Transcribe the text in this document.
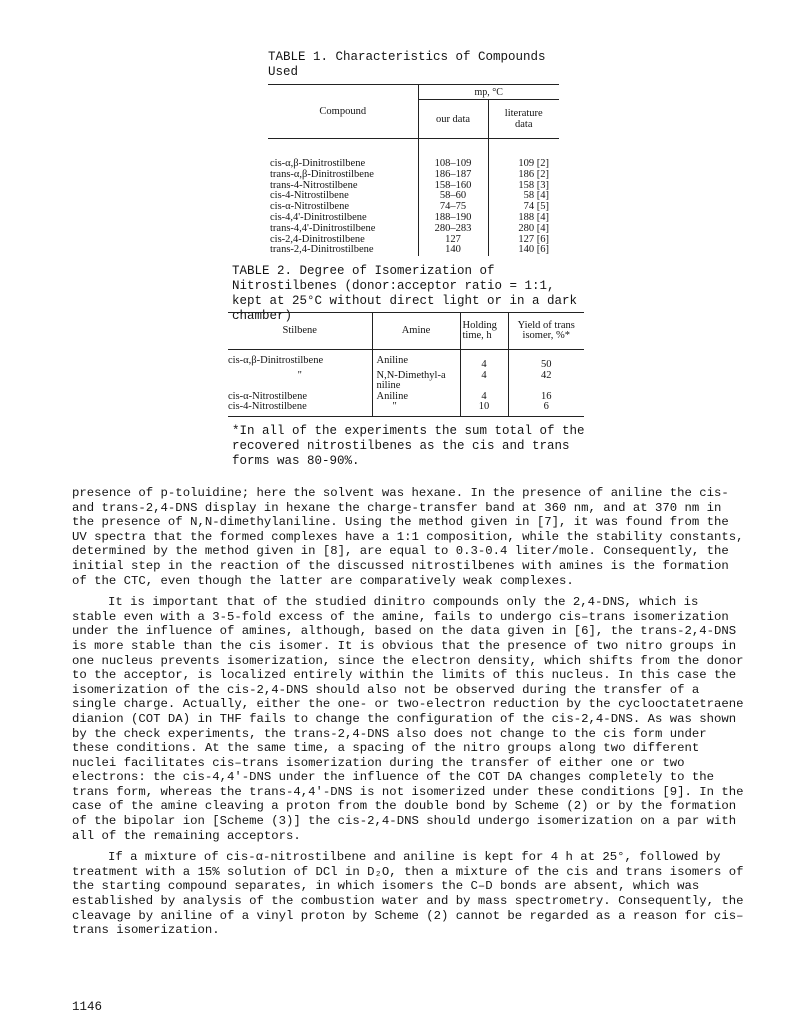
TABLE 1. Characteristics of Compounds Used

Compound	mp, °C	
	our data	literature data

cis-α,β-Dinitrostilbene	108–109	109 [2]
trans-α,β-Dinitrostilbene	186–187	186 [2]
trans-4-Nitrostilbene	158–160	158 [3]
cis-4-Nitrostilbene	58–60	58 [4]
cis-α-Nitrostilbene	74–75	74 [5]
cis-4,4'-Dinitrostilbene	188–190	188 [4]
trans-4,4'-Dinitrostilbene	280–283	280 [4]
cis-2,4-Dinitrostilbene	127	127 [6]
trans-2,4-Dinitrostilbene	140	140 [6]

TABLE 2. Degree of Isomerization of Nitrostilbenes (donor:acceptor ratio = 1:1, kept at 25°C without direct light or in a dark chamber)

Stilbene	Amine	Holding time, h	Yield of trans isomer, %*

cis-α,β-Dinitrostilbene	Aniline	4	50
"	N,N-Dimethyl-aniline	4	42
cis-α-Nitrostilbene	Aniline	4	16
cis-4-Nitrostilbene	"	10	6

*In all of the experiments the sum total of the recovered nitrostilbenes as the cis and trans forms was 80-90%.

presence of p-toluidine; here the solvent was hexane. In the presence of aniline the cis- and trans-2,4-DNS display in hexane the charge-transfer band at 360 nm, and at 370 nm in the presence of N,N-dimethylaniline. Using the method given in [7], it was found from the UV spectra that the formed complexes have a 1:1 composition, while the stability constants, determined by the method given in [8], are equal to 0.3-0.4 liter/mole. Consequently, the initial step in the reaction of the discussed nitrostilbenes with amines is the formation of the CTC, even though the latter are comparatively weak complexes.

It is important that of the studied dinitro compounds only the 2,4-DNS, which is stable even with a 3-5-fold excess of the amine, fails to undergo cis–trans isomerization under the influence of amines, although, based on the data given in [6], the trans-2,4-DNS is more stable than the cis isomer. It is obvious that the presence of two nitro groups in one nucleus prevents isomerization, since the electron density, which shifts from the donor to the acceptor, is localized entirely within the limits of this nucleus. In this case the isomerization of the cis-2,4-DNS should also not be observed during the transfer of a single charge. Actually, either the one- or two-electron reduction by the cyclooctatetraene dianion (COT DA) in THF fails to change the configuration of the cis-2,4-DNS. As was shown by the check experiments, the trans-2,4-DNS also does not change to the cis form under these conditions. At the same time, a spacing of the nitro groups along two different nuclei facilitates cis–trans isomerization during the transfer of either one or two electrons: the cis-4,4'-DNS under the influence of the COT DA changes completely to the trans form, whereas the trans-4,4'-DNS is not isomerized under these conditions [9]. In the case of the amine cleaving a proton from the double bond by Scheme (2) or by the formation of the bipolar ion [Scheme (3)] the cis-2,4-DNS should undergo isomerization on a par with all of the remaining acceptors.

If a mixture of cis-α-nitrostilbene and aniline is kept for 4 h at 25°, followed by treatment with a 15% solution of DCl in D₂O, then a mixture of the cis and trans isomers of the starting compound separates, in which isomers the C–D bonds are absent, which was established by analysis of the combustion water and by mass spectrometry. Consequently, the cleavage by aniline of a vinyl proton by Scheme (2) cannot be regarded as a reason for cis–trans isomerization.

1146
